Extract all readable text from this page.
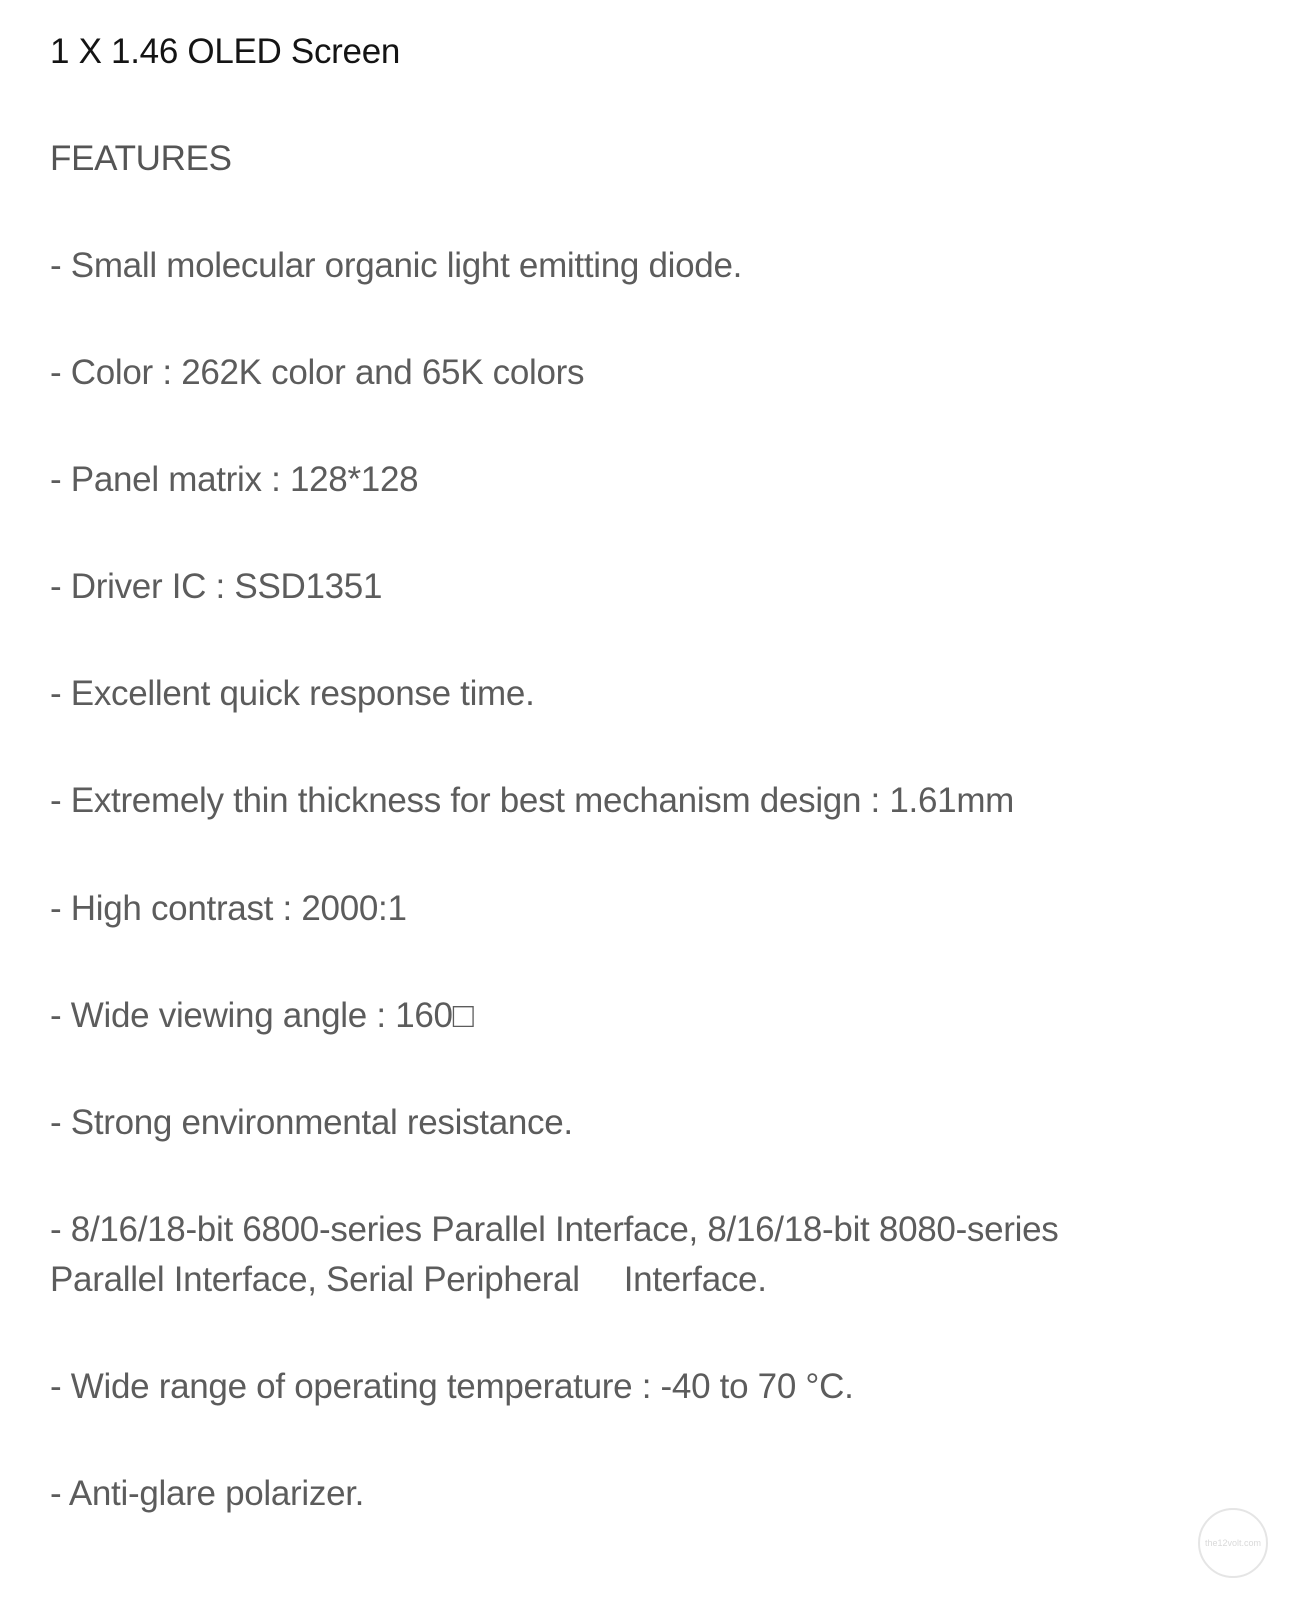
1 X 1.46 OLED Screen
FEATURES
- Small molecular organic light emitting diode.
- Color : 262K color and 65K colors
- Panel matrix : 128*128
- Driver IC : SSD1351
- Excellent quick response time.
- Extremely thin thickness for best mechanism design : 1.61mm
- High contrast : 2000:1
- Wide viewing angle : 160□
- Strong environmental resistance.
- 8/16/18-bit 6800-series Parallel Interface, 8/16/18-bit 8080-series
Parallel Interface, Serial Peripheral Interface.
- Wide range of operating temperature : -40 to 70 °C.
- Anti-glare polarizer.
the12volt.com
